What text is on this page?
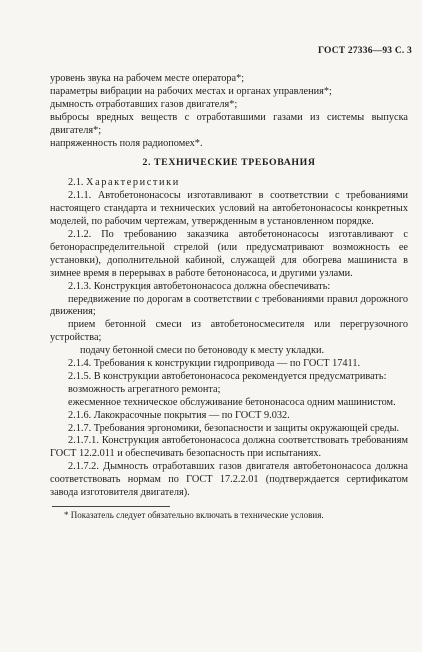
ГОСТ 27336—93 С. 3

уровень звука на рабочем месте оператора*;

параметры вибрации на рабочих местах и органах управления*;

дымность отработавших газов двигателя*;

выбросы вредных веществ с отработавшими газами из системы выпуска двигателя*;

напряженность поля радиопомех*.

2. ТЕХНИЧЕСКИЕ ТРЕБОВАНИЯ

2.1. Характеристики

2.1.1. Автобетононасосы изготавливают в соответствии с требованиями настоящего стандарта и технических условий на автобетононасосы конкретных моделей, по рабочим чертежам, утвержденным в установленном порядке.

2.1.2. По требованию заказчика автобетононасосы изготавливают с бетонораспределительной стрелой (или предусматривают возможность ее установки), дополнительной кабиной, служащей для обогрева машиниста в зимнее время в перерывах в работе бетононасоса, и другими узлами.

2.1.3. Конструкция автобетононасоса должна обеспечивать:

передвижение по дорогам в соответствии с требованиями правил дорожного движения;

прием бетонной смеси из автобетоносмесителя или перегрузочного устройства;

подачу бетонной смеси по бетоноводу к месту укладки.

2.1.4. Требования к конструкции гидропривода — по ГОСТ 17411.

2.1.5. В конструкции автобетононасоса рекомендуется предусматривать:

возможность агрегатного ремонта;

ежесменное техническое обслуживание бетононасоса одним машинистом.

2.1.6. Лакокрасочные покрытия — по ГОСТ 9.032.

2.1.7. Требования эргономики, безопасности и защиты окружающей среды.

2.1.7.1. Конструкция автобетононасоса должна соответствовать требованиям ГОСТ 12.2.011 и обеспечивать безопасность при испытаниях.

2.1.7.2. Дымность отработавших газов двигателя автобетононасоса должна соответствовать нормам по ГОСТ 17.2.2.01 (подтверждается сертификатом завода изготовителя двигателя).

* Показатель следует обязательно включать в технические условия.
